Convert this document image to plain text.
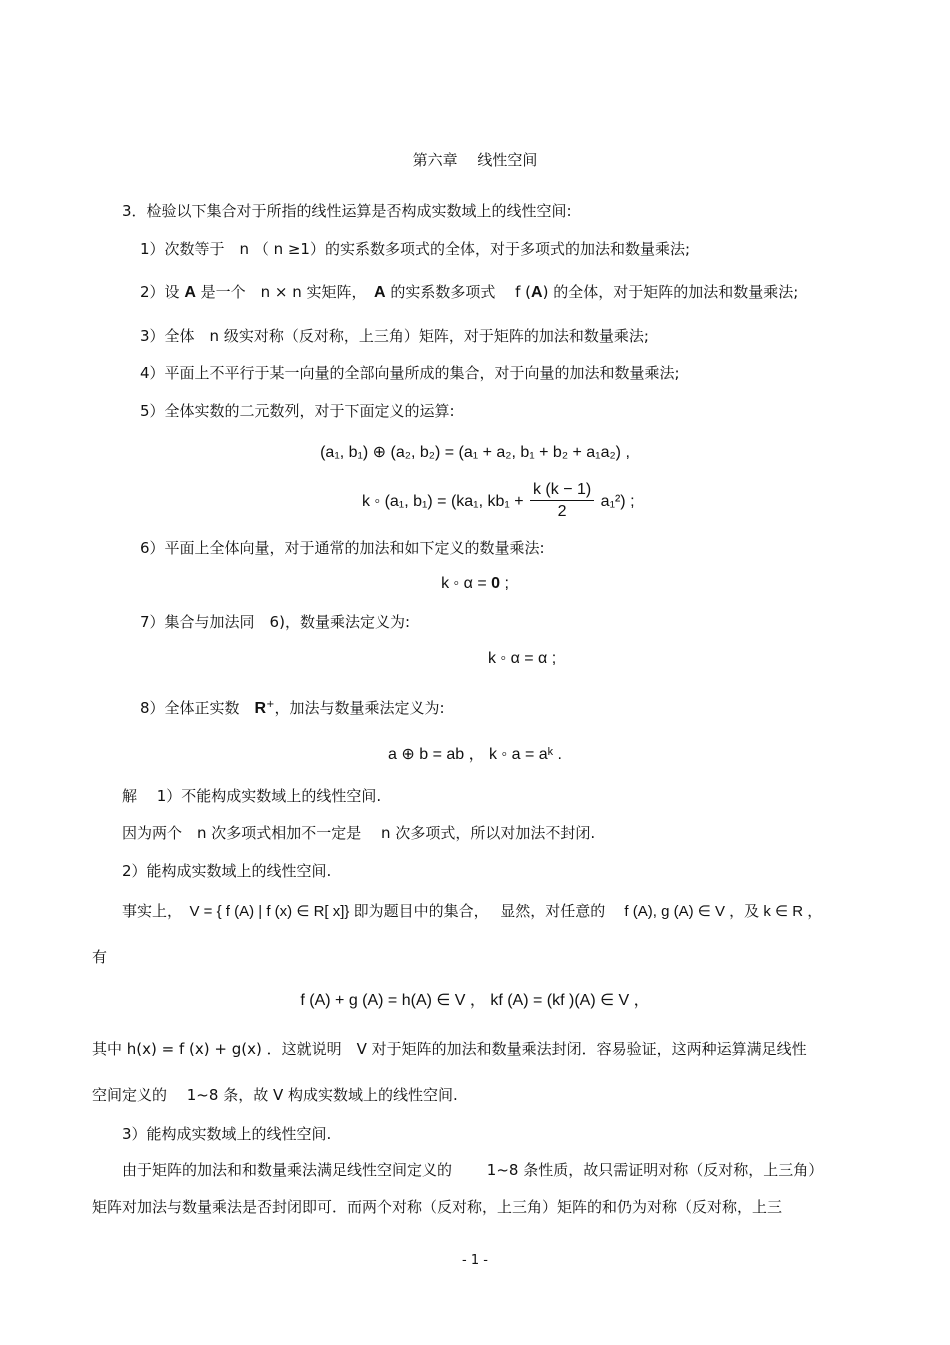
第六章　 线性空间
3．检验以下集合对于所指的线性运算是否构成实数域上的线性空间:
1）次数等于　n （ n ≥1）的实系数多项式的全体，对于多项式的加法和数量乘法;
2）设 A 是一个　n × n 实矩阵，　A 的实系数多项式　 f (A) 的全体，对于矩阵的加法和数量乘法;
3）全体　n 级实对称（反对称，上三角）矩阵，对于矩阵的加法和数量乘法;
4）平面上不平行于某一向量的全部向量所成的集合，对于向量的加法和数量乘法;
5）全体实数的二元数列，对于下面定义的运算:
(a₁, b₁) ⊕ (a₂, b₂) = (a₁ + a₂, b₁ + b₂ + a₁a₂) ,
k ◦ (a₁, b₁) = (ka₁, $kb_1 + \frac{k (k - 1)}{2} a_1^2$) ;
6）平面上全体向量，对于通常的加法和如下定义的数量乘法:
k ◦ α = 0 ;
7）集合与加法同　6)，数量乘法定义为:
k ◦ α = α ;
8）全体正实数　R+，加法与数量乘法定义为:
a ⊕ b = ab ， k ◦ a = aᵏ .
解　 1）不能构成实数域上的线性空间.
因为两个　n 次多项式相加不一定是　 n 次多项式，所以对加法不封闭.
2）能构成实数域上的线性空间.
事实上，　V = { f (A) | f (x) ∈ R[ x]} 即为题目中的集合，　 显然，对任意的　 f (A), g (A) ∈ V ，及 k ∈ R ，
有
f (A) + g (A) = h(A) ∈ V ， kf (A) = (kf )(A) ∈ V ，
其中 h(x) = f (x) + g(x) ．这就说明　V 对于矩阵的加法和数量乘法封闭．容易验证，这两种运算满足线性
空间定义的　 1~8 条，故 V 构成实数域上的线性空间.
3）能构成实数域上的线性空间.
由于矩阵的加法和和数量乘法满足线性空间定义的　　 1~8 条性质，故只需证明对称（反对称，上三角）
矩阵对加法与数量乘法是否封闭即可．而两个对称（反对称，上三角）矩阵的和仍为对称（反对称，上三
- 1 -
